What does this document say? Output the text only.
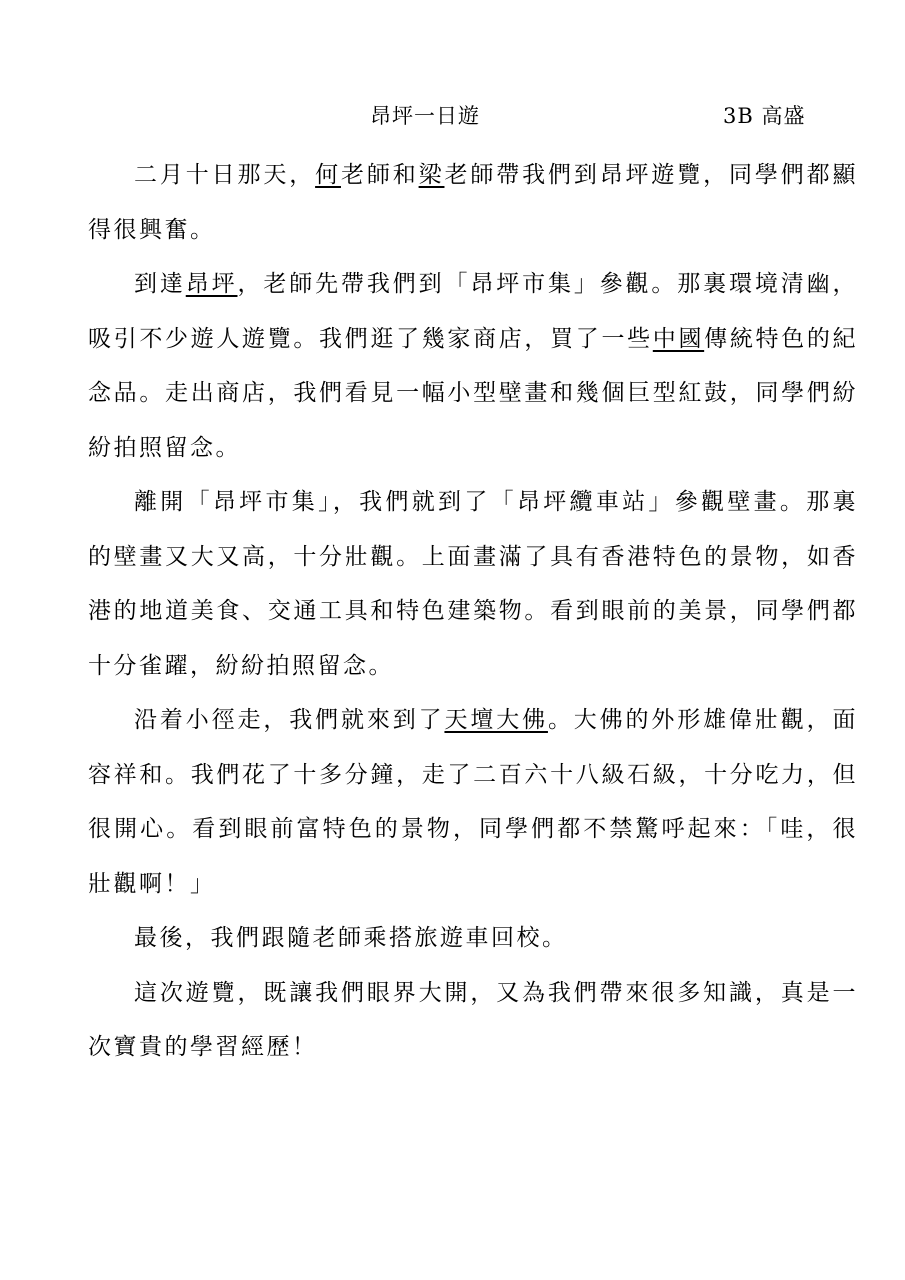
昂坪一日遊	3B 高盛

二月十日那天，何老師和梁老師帶我們到昂坪遊覽，同學們都顯得很興奮。

到達昂坪，老師先帶我們到「昂坪市集」參觀。那裏環境清幽，吸引不少遊人遊覽。我們逛了幾家商店，買了一些中國傳統特色的紀念品。走出商店，我們看見一幅小型壁畫和幾個巨型紅鼓，同學們紛紛拍照留念。

離開「昂坪市集」，我們就到了「昂坪纜車站」參觀壁畫。那裏的壁畫又大又高，十分壯觀。上面畫滿了具有香港特色的景物，如香港的地道美食、交通工具和特色建築物。看到眼前的美景，同學們都十分雀躍，紛紛拍照留念。

沿着小徑走，我們就來到了天壇大佛。大佛的外形雄偉壯觀，面容祥和。我們花了十多分鐘，走了二百六十八級石級，十分吃力，但很開心。看到眼前富特色的景物，同學們都不禁驚呼起來：「哇，很壯觀啊！」

最後，我們跟隨老師乘搭旅遊車回校。

這次遊覽，既讓我們眼界大開，又為我們帶來很多知識，真是一次寶貴的學習經歷！
